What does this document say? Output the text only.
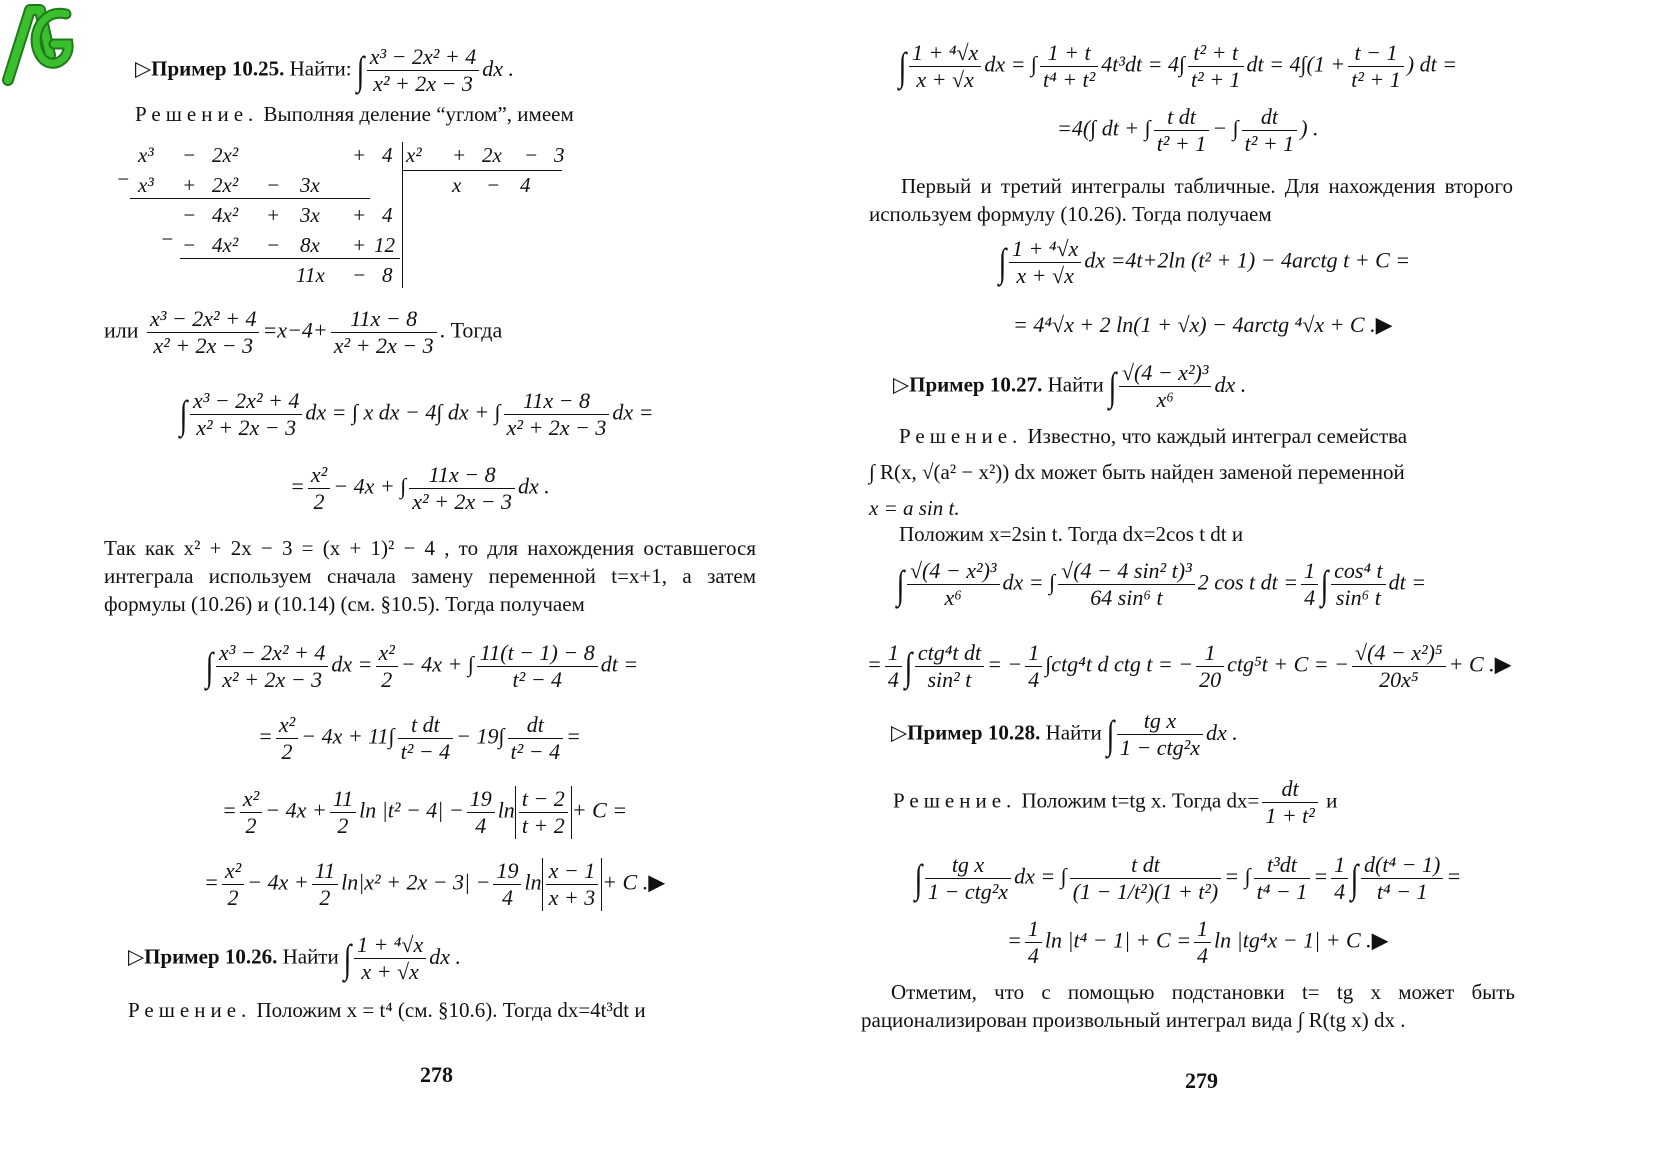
▷Пример 10.25. Найти: ∫ $\frac{\text{x³ − 2x² + 4}}{\text{x² + 2x − 3}}$ dx .
Решение. Выполняя деление “углом”, имеем
x³ − 2x²	+ 4 x² + 2x − 3
− x³ + 2x² − 3x	x − 4
− 4x² + 3x + 4
− − 4x² − 8x + 12
11x − 8
или $\frac{\text{x³ − 2x² + 4}}{\text{x² + 2x − 3}} =x-4+ \frac{11x - 8}{\text{x² + 2x − 3}}$ . Тогда
∫ $\frac{\text{x³ − 2x² + 4}}{\text{x² + 2x − 3}}$ dx = ∫ x dx − 4∫ dx + ∫ $\frac{11x - 8}{\text{x² + 2x − 3}}$ dx =
= $\frac{\text{x²}}{2} - 4x$ + ∫ $\frac{11x - 8}{\text{x² + 2x − 3}}$ dx .
Так как x² + 2x − 3 = (x + 1)² − 4 , то для нахождения оставшегося интеграла используем сначала замену переменной t=x+1, а затем формулы (10.26) и (10.14) (см. §10.5). Тогда получаем
∫ $\frac{\text{x³ − 2x² + 4}}{\text{x² + 2x − 3}}$ dx = $\frac{\text{x²}}{2} - 4x$ + ∫ $\frac{11(t - 1) - 8}{\text{t² − 4}}$ dt =
= $\frac{\text{x²}}{2} - 4x + 11\int \frac{\text{t dt}}{\text{t² − 4}} - 19\int \frac{dt}{\text{t² − 4}}$ =
= $\frac{\text{x²}}{2} - 4x + \frac{11}{2}$ $\ln |t^2 - 4| - \frac{19}{4}$ $\ln \frac{t - 2}{t + 2} + C$ =
= $\frac{\text{x²}}{2} - 4x + \frac{11}{2} \ln|x^2 + 2x - 3| - \frac{19}{4}$ $\ln \frac{x - 1}{x + 3} + C$ .▶
▷Пример 10.26. Найти ∫ $\frac{\text{1 + ⁴√x}}{x + √x}$ dx .
Решение. Положим x = t⁴ (см. §10.6). Тогда dx=4t³dt и
278
∫ $\frac{\text{1 + ⁴√x}}{x + √x}$ dx = ∫ $\frac{1 + t}{\text{t⁴ + t²}} 4t^3dt = 4\int \frac{\text{t² + t}}{\text{t² + 1}}$ dt = $4\int(1 + \frac{t - 1}{\text{t² + 1}}$ ) dt =
=4(∫ dt + ∫ $\frac{\text{t dt}}{\text{t² + 1}}$ − ∫ $\frac{dt}{\text{t² + 1}}$ ) .
Первый и третий интегралы табличные. Для нахождения второго используем формулу (10.26). Тогда получаем
∫ $\frac{\text{1 + ⁴√x}}{x + √x}$ dx =4t+2ln (t² + 1) − 4arctg t + C =
= 4⁴√x + 2 ln(1 + √x) − 4arctg ⁴√x + C .▶
▷Пример 10.27. Найти ∫ $\frac{\text{√(4 − x²)³}}{\text{x⁶}}$ dx .
Решение. Известно, что каждый интеграл семейства
∫ R(x, √(a² − x²)) dx может быть найден заменой переменной
x = a sin t.
Положим x=2sin t. Тогда dx=2cos t dt и
∫ $\frac{\text{√(4 − x²)³}}{\text{x⁶}}$ dx = ∫ $\frac{\text{√(4 − 4 sin² t)³}}{\text{64 sin⁶ t}} 2$ cos t dt = $\frac{1}{4}$ ∫ $\frac{\text{cos⁴ t}}{\text{sin⁶ t}}$ dt =
= $\frac{1}{4}$ ∫ $\frac{\text{ctg⁴t dt}}{\text{sin² t}}$ = − $\frac{1}{4} \int ctg^4t$ d ctg t = − $\frac{1}{20} ctg^5t + C$ = − $\frac{\text{√(4 − x²)⁵}}{\text{20x⁵}} + C$ .▶
▷Пример 10.28. Найти ∫ $\frac{\text{tg x}}{\text{1 − ctg²x}}$ dx .
Решение. Положим t=tg x. Тогда $dx= \frac{dt}{\text{1 + t²}}$ и
∫ $\frac{\text{tg x}}{\text{1 − ctg²x}}$ dx = ∫ $\frac{\text{t dt}}{\text{(1 − 1/t²)(1 + t²)}}$ = ∫ $\frac{\text{t³dt}}{\text{t⁴ − 1}} = \frac{1}{4}$ ∫ $\frac{\text{d(t⁴ − 1)}}{\text{t⁴ − 1}}$ =
= $\frac{1}{4}$ $\ln |t^4 - 1| + C = \frac{1}{4}$ ln |tg⁴x − 1| + C .▶
Отметим, что с помощью подстановки t= tg x может быть рационализирован произвольный интеграл вида ∫ R(tg x) dx .
279
